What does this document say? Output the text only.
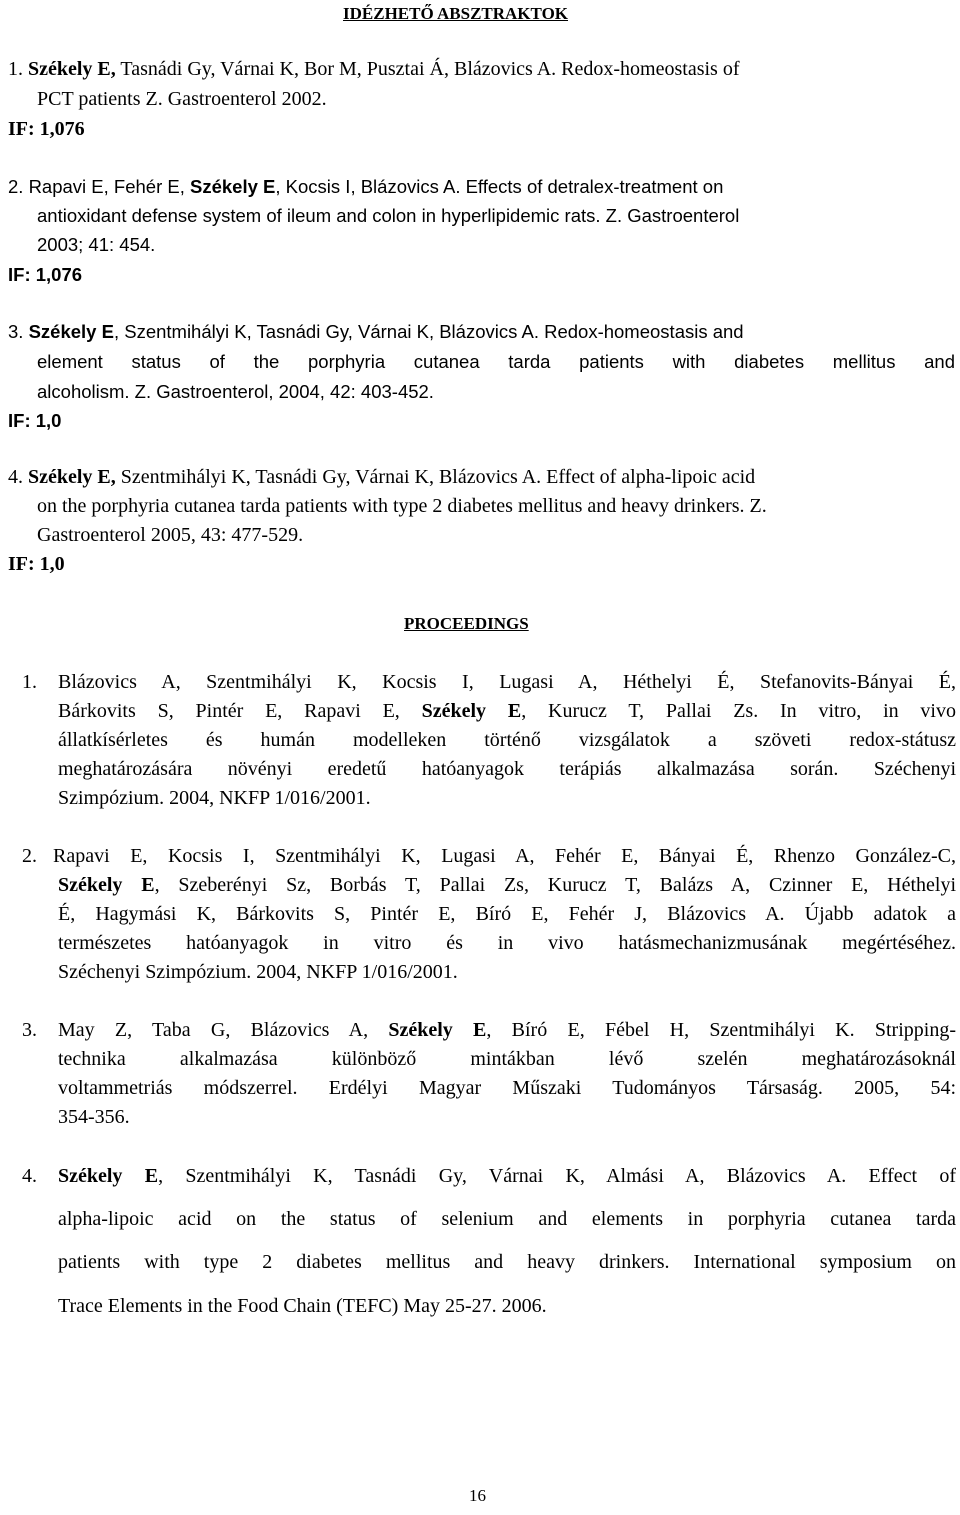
IDÉZHETŐ ABSZTRAKTOK
1. Székely E, Tasnádi Gy, Várnai K, Bor M, Pusztai Á, Blázovics A. Redox-homeostasis of
PCT patients Z. Gastroenterol 2002.
IF: 1,076
2. Rapavi E, Fehér E, Székely E, Kocsis I, Blázovics A. Effects of detralex-treatment on
antioxidant defense system of ileum and colon in hyperlipidemic rats. Z. Gastroenterol
2003; 41: 454.
IF: 1,076
3. Székely E, Szentmihályi K, Tasnádi Gy, Várnai K, Blázovics A. Redox-homeostasis and
element status of the porphyria cutanea tarda patients with diabetes mellitus and
alcoholism. Z. Gastroenterol, 2004, 42: 403-452.
IF: 1,0
4. Székely E, Szentmihályi K, Tasnádi Gy, Várnai K, Blázovics A. Effect of alpha-lipoic acid
on the porphyria cutanea tarda patients with type 2 diabetes mellitus and heavy drinkers. Z.
Gastroenterol 2005, 43: 477-529.
IF: 1,0
PROCEEDINGS
1. Blázovics A, Szentmihályi K, Kocsis I, Lugasi A, Héthelyi É, Stefanovits-Bányai É,
Bárkovits S, Pintér E, Rapavi E, Székely E, Kurucz T, Pallai Zs. In vitro, in vivo
állatkísérletes és humán modelleken történő vizsgálatok a szöveti redox-státusz
meghatározására növényi eredetű hatóanyagok terápiás alkalmazása során. Széchenyi
Szimpózium. 2004, NKFP 1/016/2001.
2. Rapavi E, Kocsis I, Szentmihályi K, Lugasi A, Fehér E, Bányai É, Rhenzo González-C,
Székely E, Szeberényi Sz, Borbás T, Pallai Zs, Kurucz T, Balázs A, Czinner E, Héthelyi
É, Hagymási K, Bárkovits S, Pintér E, Bíró E, Fehér J, Blázovics A. Újabb adatok a
természetes hatóanyagok in vitro és in vivo hatásmechanizmusának megértéséhez.
Széchenyi Szimpózium. 2004, NKFP 1/016/2001.
3. May Z, Taba G, Blázovics A, Székely E, Bíró E, Fébel H, Szentmihályi K. Stripping-
technika alkalmazása különböző mintákban lévő szelén meghatározásoknál
voltammetriás módszerrel. Erdélyi Magyar Műszaki Tudományos Társaság. 2005, 54:
354-356.
4. Székely E, Szentmihályi K, Tasnádi Gy, Várnai K, Almási A, Blázovics A. Effect of
alpha-lipoic acid on the status of selenium and elements in porphyria cutanea tarda
patients with type 2 diabetes mellitus and heavy drinkers. International symposium on
Trace Elements in the Food Chain (TEFC) May 25-27. 2006.
16
